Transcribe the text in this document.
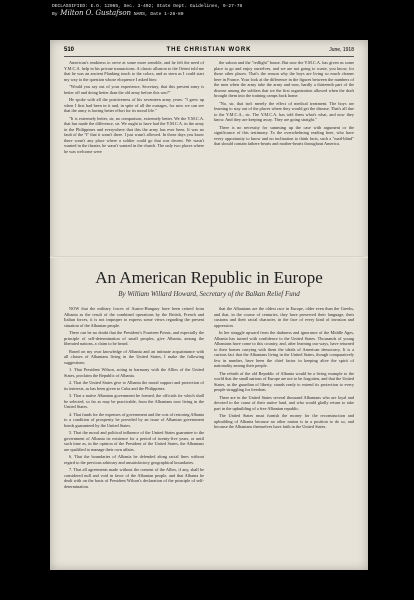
DECLASSIFIED: E.O. 12065, Sec. 3-402; State Dept. Guidelines, 9-27-78
By Milton O. Gustafson NARS, Date 1-28-80
510	THE CHRISTIAN WORK	June, 1918

American's readiness to serve at some more sensible, and he felt the need of Y.M.C.A. help in his private transactions. A classic allusion to the Orient told me that he was an ancient Flanking touch to the colors, and as stern as I could start my way to the question whose eloquence I asked him:

"Would you say out of your experience, Secretary, that this present army is better off and doing better than the old army before this war?"

He spoke with all the positiveness of his seventeen army years: "I grew up when I first had been in it and, in spite of all the outrages, for now we can see that the army is having better effort for its moral life."

"It is extremely better, sir, no comparison, extremely better. We the Y.M.C.A. that has made the difference, sir. We ought to have had the Y.M.C.A. in the army in the Philippines and everywhere that this the army has ever been. It was no fault of the 'Y' that it wasn't there. I just wasn't allowed. In those days you know there wasn't any place where a soldier could go that was decent. We wasn't wanted in the theater, he wasn't wanted in the church. The only two places where he was welcome were

the saloon and the "redlight" house. But now the Y.M.C.A. has given us some place to go and enjoy ourselves, and we are not going to waste, you know, for those other places. That's the reason why the boys are living so much cleaner here in France. Your look at the difference in the figures between the numbers of the men when the army take the army and now, hardly a thirteenth part of the disease among the soldiers that we the first organization allowed when the draft brought them into the training camps back home.

"No, sir, that isn't merely the effect of medical treatment. The boys are learning to stay out of the places where they would get the disease. That's all due to the Y.M.C.A., sir. The Y.M.C.A. has told them what's what, and now they know. And they are keeping away. They are going straight."

There is no necessity for summing up the case with argument or the significance of this testimony. To the overwhelming reading here, who have every opportunity to know and no inclination to think facts, such a "mail-blind" that should contain fathers-hearts and mother-hearts throughout America.

An American Republic in Europe
By William Willard Howard, Secretary of the Balkan Relief Fund

NOW that the military forces of Austro-Hungary have been retired from Albania as the result of the combined operations by the British, French and Italian forces, it is not improper to express some views regarding the present situation of the Albanian people.

There can be no doubt that the President's Fourteen Points, and especially the principle of self-determination of small peoples, give Albania, among the liberated nations, a claim to be heard.

Based on my own knowledge of Albania and an intimate acquaintance with all classes of Albanians living in the United States, I make the following suggestions:

1. That President Wilson, acting in harmony with the Allies of the United States, proclaim the Republic of Albania.

2. That the United States give to Albania the moral support and protection of its interests, as has been given to Cuba and the Philippines.

3. That a native Albanian government be formed, the officials for which shall be selected, so far as may be practicable, from the Albanians now living in the United States.

4. That funds for the expenses of government and the cost of restoring Albania to a condition of prosperity be provided by an issue of Albanian government bonds guaranteed by the United States.

5. That the moral and political influence of the United States guarantee to the government of Albania its existence for a period of twenty-five years, or until such time as, in the opinion of the President of the United States, the Albanians are qualified to manage their own affairs.

6. That the boundaries of Albania be defended along racial lines without regard to the previous arbitrary and unsatisfactory geographical boundaries.

7. That all agreements made without the consent of the Allies, if any, shall be considered null and void in favor of the Albanian people, and that Albania be dealt with on the basis of President Wilson's declaration of the principle of self-determination.

that the Albanians are the oldest race in Europe, older even than the Greeks, and that, in the course of centuries, they have preserved their language, their customs and their racial character, in the face of every kind of invasion and oppression.

In her struggle upward from the darkness and ignorance of the Middle Ages, Albania has turned with confidence to the United States. Thousands of young Albanians have come to this country, and, after learning our ways, have returned to their homes carrying with them the ideals of American democracy. It is a curious fact that the Albanians living in the United States, though comparatively few in number, have been the chief factor in keeping alive the spirit of nationality among their people.

The rebirth of the old Republic of Albania would be a living example to the world that the small nations of Europe are not to be forgotten, and that the United States, as the guardian of liberty, stands ready to extend its protection to every people struggling for freedom.

There are in the United States several thousand Albanians who are loyal and devoted to the cause of their native land, and who would gladly return to take part in the upbuilding of a free Albanian republic.

The United States must furnish the money for the reconstruction and upbuilding of Albania because no other nation is in a position to do so, and because the Albanians themselves have faith in the United States.
